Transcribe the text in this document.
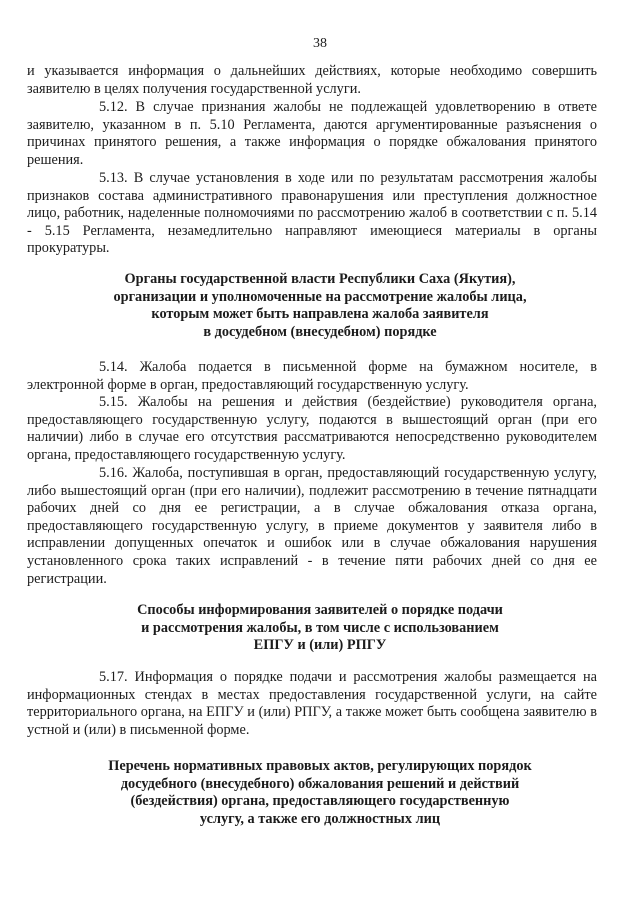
38
и указывается информация о дальнейших действиях, которые необходимо совершить заявителю в целях получения государственной услуги.
5.12. В случае признания жалобы не подлежащей удовлетворению в ответе заявителю, указанном в п. 5.10 Регламента, даются аргументированные разъяснения о причинах принятого решения, а также информация о порядке обжалования принятого решения.
5.13. В случае установления в ходе или по результатам рассмотрения жалобы признаков состава административного правонарушения или преступления должностное лицо, работник, наделенные полномочиями по рассмотрению жалоб в соответствии с п. 5.14 - 5.15 Регламента, незамедлительно направляют имеющиеся материалы в органы прокуратуры.
Органы государственной власти Республики Саха (Якутия),
организации и уполномоченные на рассмотрение жалобы лица,
которым может быть направлена жалоба заявителя
в досудебном (внесудебном) порядке
5.14. Жалоба подается в письменной форме на бумажном носителе, в электронной форме в орган, предоставляющий государственную услугу.
5.15. Жалобы на решения и действия (бездействие) руководителя органа, предоставляющего государственную услугу, подаются в вышестоящий орган (при его наличии) либо в случае его отсутствия рассматриваются непосредственно руководителем органа, предоставляющего государственную услугу.
5.16. Жалоба, поступившая в орган, предоставляющий государственную услугу, либо вышестоящий орган (при его наличии), подлежит рассмотрению в течение пятнадцати рабочих дней со дня ее регистрации, а в случае обжалования отказа органа, предоставляющего государственную услугу, в приеме документов у заявителя либо в исправлении допущенных опечаток и ошибок или в случае обжалования нарушения установленного срока таких исправлений - в течение пяти рабочих дней со дня ее регистрации.
Способы информирования заявителей о порядке подачи
и рассмотрения жалобы, в том числе с использованием
ЕПГУ и (или) РПГУ
5.17. Информация о порядке подачи и рассмотрения жалобы размещается на информационных стендах в местах предоставления государственной услуги, на сайте территориального органа, на ЕПГУ и (или) РПГУ, а также может быть сообщена заявителю в устной и (или) в письменной форме.
Перечень нормативных правовых актов, регулирующих порядок
досудебного (внесудебного) обжалования решений и действий
(бездействия) органа, предоставляющего государственную
услугу, а также его должностных лиц
